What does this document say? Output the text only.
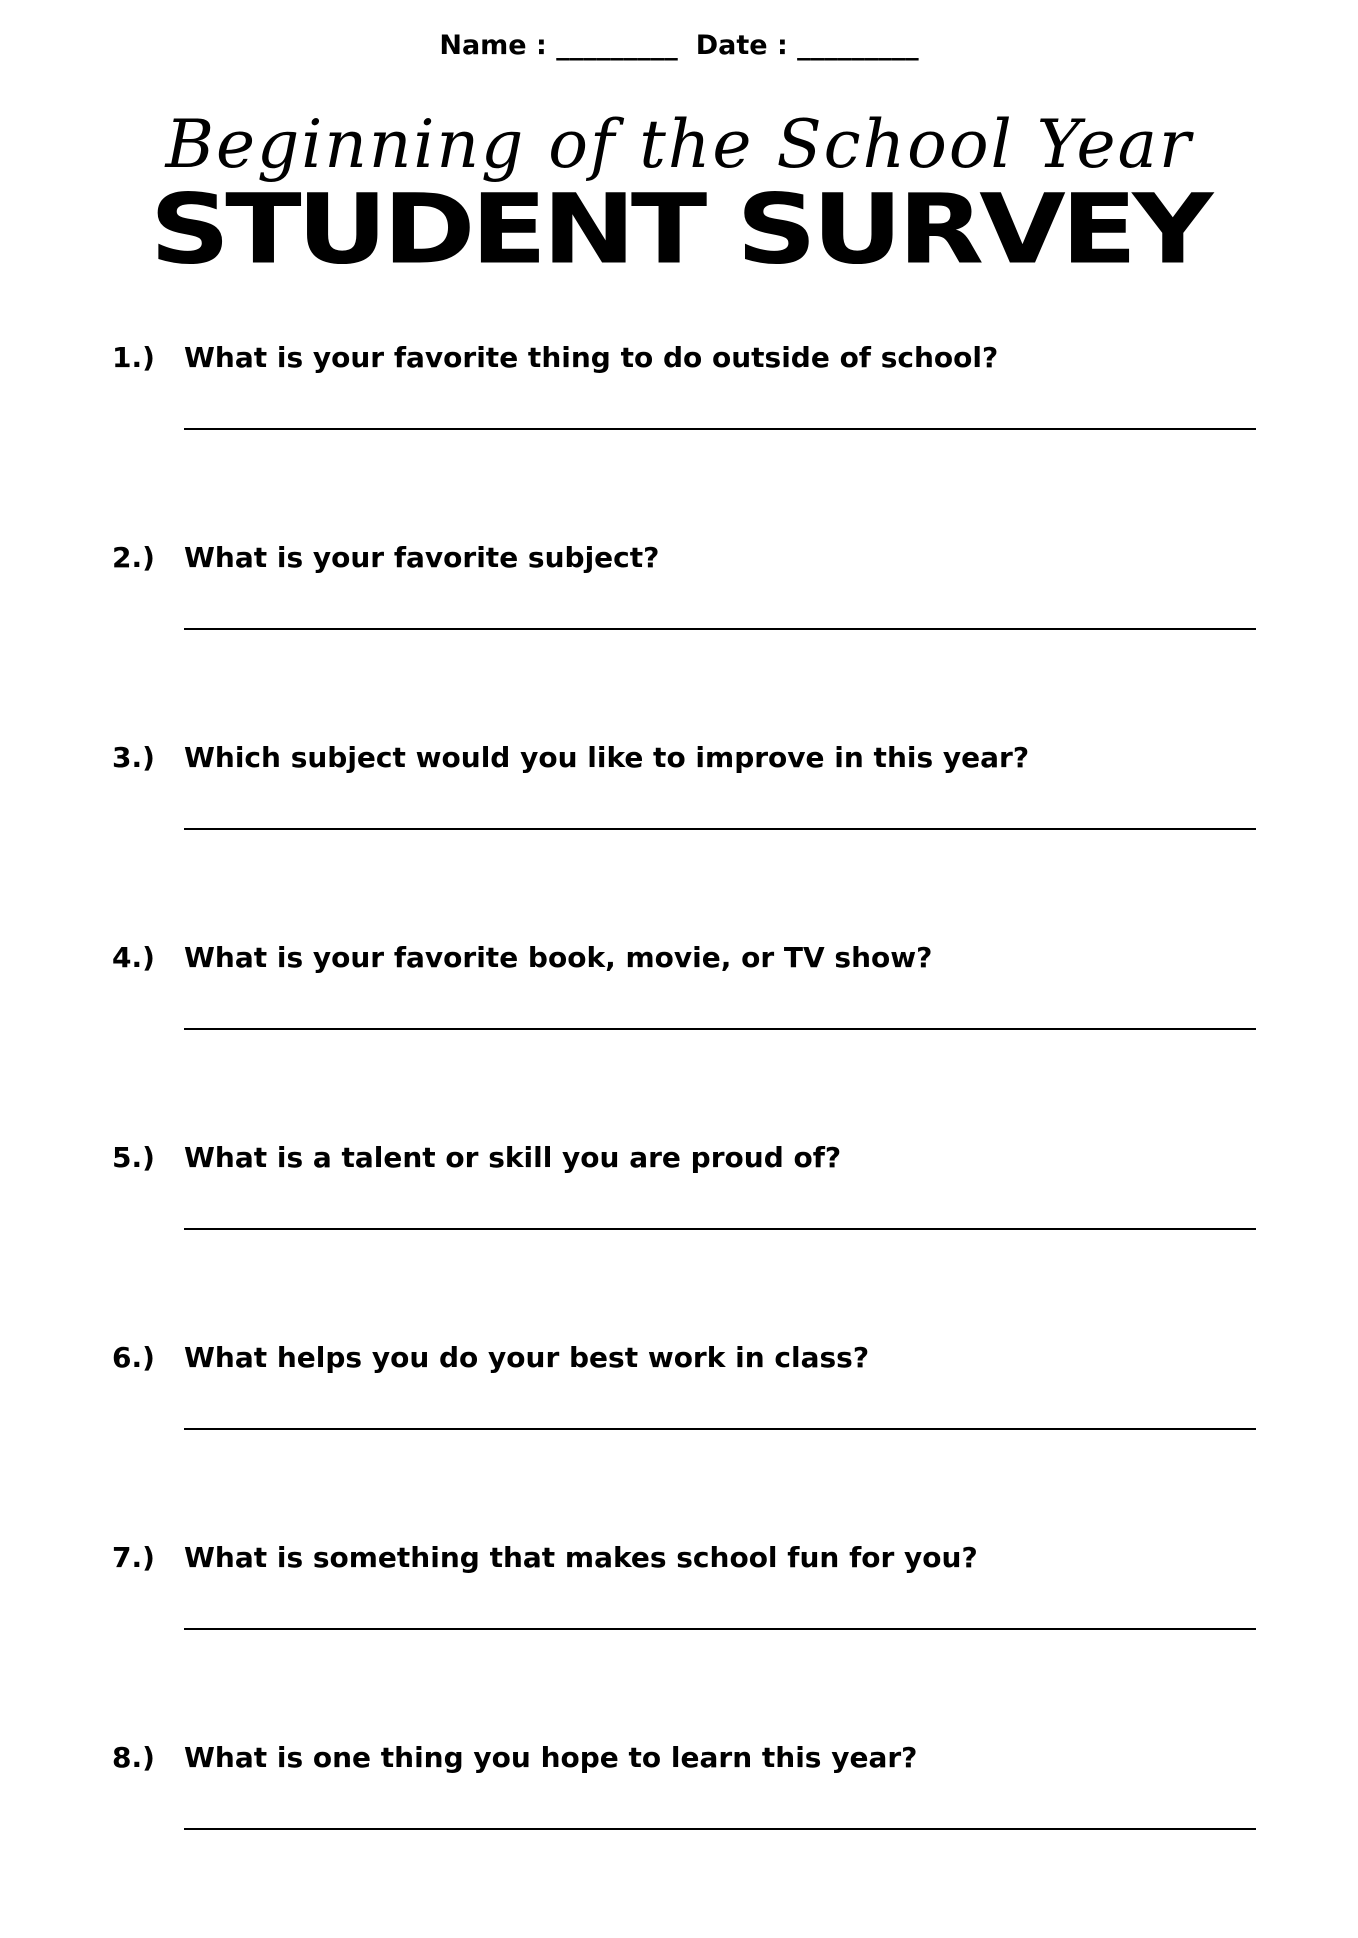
Name : _________ Date : _________
Beginning of the School Year
STUDENT SURVEY
1.) What is your favorite thing to do outside of school?
2.) What is your favorite subject?
3.) Which subject would you like to improve in this year?
4.) What is your favorite book, movie, or TV show?
5.) What is a talent or skill you are proud of?
6.) What helps you do your best work in class?
7.) What is something that makes school fun for you?
8.) What is one thing you hope to learn this year?
